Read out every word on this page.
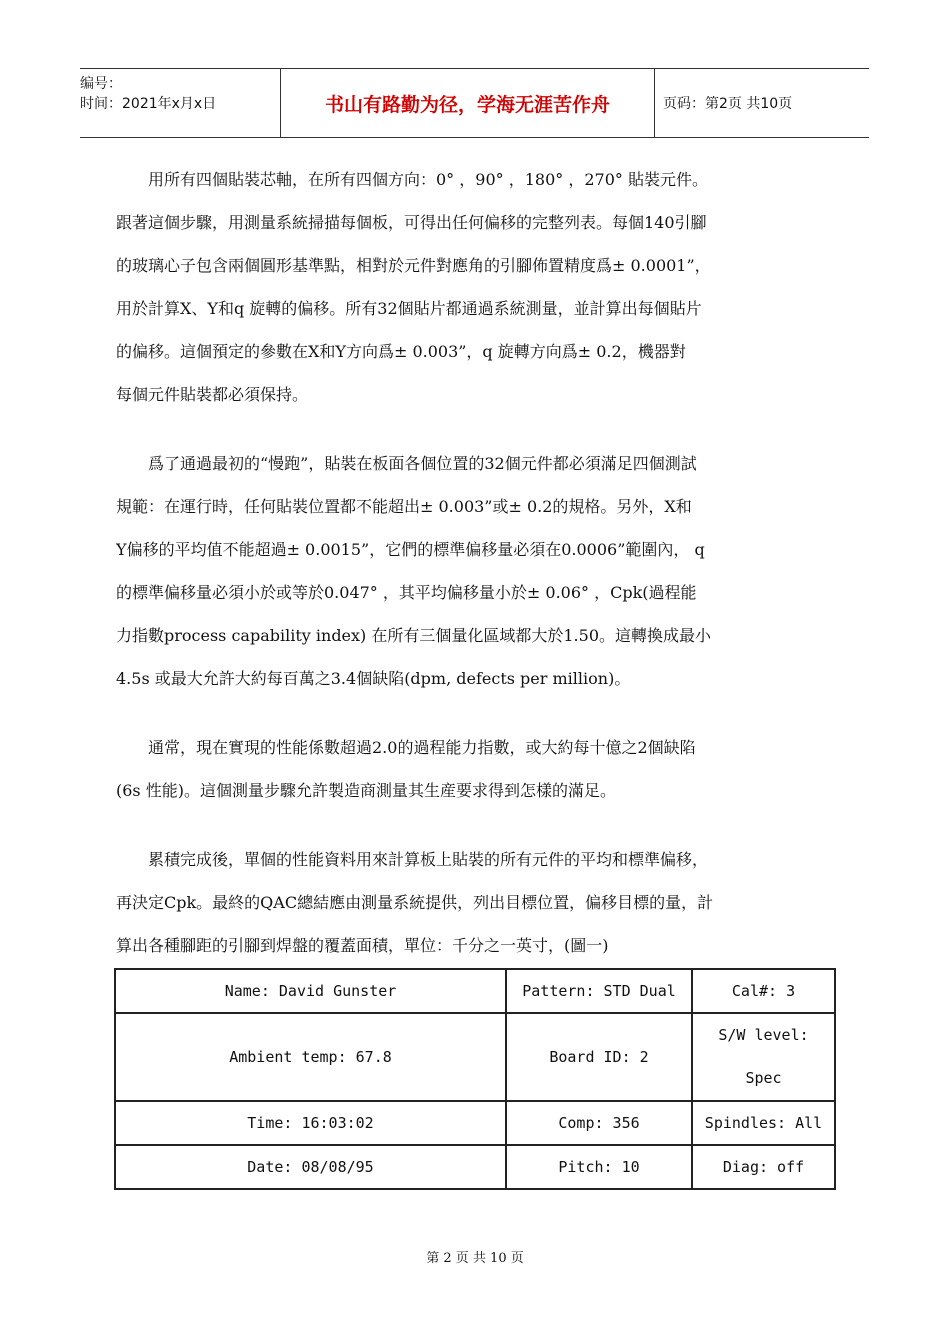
编号：
时间：2021年x月x日	书山有路勤为径，学海无涯苦作舟	页码：第2页 共10页

用所有四個貼裝芯軸，在所有四個方向：0° ，90° ，180° ，270° 貼裝元件。
跟著這個步驟，用測量系統掃描每個板，可得出任何偏移的完整列表。每個140引腳
的玻璃心子包含兩個圓形基準點，相對於元件對應角的引腳佈置精度爲± 0.0001”，
用於計算X、Y和q 旋轉的偏移。所有32個貼片都通過系統測量，並計算出每個貼片
的偏移。這個預定的參數在X和Y方向爲± 0.003”，q 旋轉方向爲± 0.2，機器對
每個元件貼裝都必須保持。

爲了通過最初的“慢跑”，貼裝在板面各個位置的32個元件都必須滿足四個測試
規範：在運行時，任何貼裝位置都不能超出± 0.003”或± 0.2的規格。另外，X和
Y偏移的平均值不能超過± 0.0015”，它們的標準偏移量必須在0.0006”範圍內， q
的標準偏移量必須小於或等於0.047° ，其平均偏移量小於± 0.06° ，Cpk(過程能
力指數process capability index) 在所有三個量化區域都大於1.50。這轉換成最小
4.5s 或最大允許大約每百萬之3.4個缺陷(dpm, defects per million)。

通常，現在實現的性能係數超過2.0的過程能力指數，或大約每十億之2個缺陷
(6s 性能)。這個測量步驟允許製造商測量其生産要求得到怎樣的滿足。

累積完成後，單個的性能資料用來計算板上貼裝的所有元件的平均和標準偏移，
再決定Cpk。最終的QAC總結應由測量系統提供，列出目標位置，偏移目標的量，計
算出各種腳距的引腳到焊盤的覆蓋面積，單位：千分之一英寸，(圖一)

Name: David Gunster	Pattern: STD Dual	Cal#: 3
Ambient temp: 67.8	Board ID: 2	S/W level:
Spec

Time: 16:03:02	Comp: 356	Spindles: All
Date: 08/08/95	Pitch: 10	Diag: off
第 2 页 共 10 页
